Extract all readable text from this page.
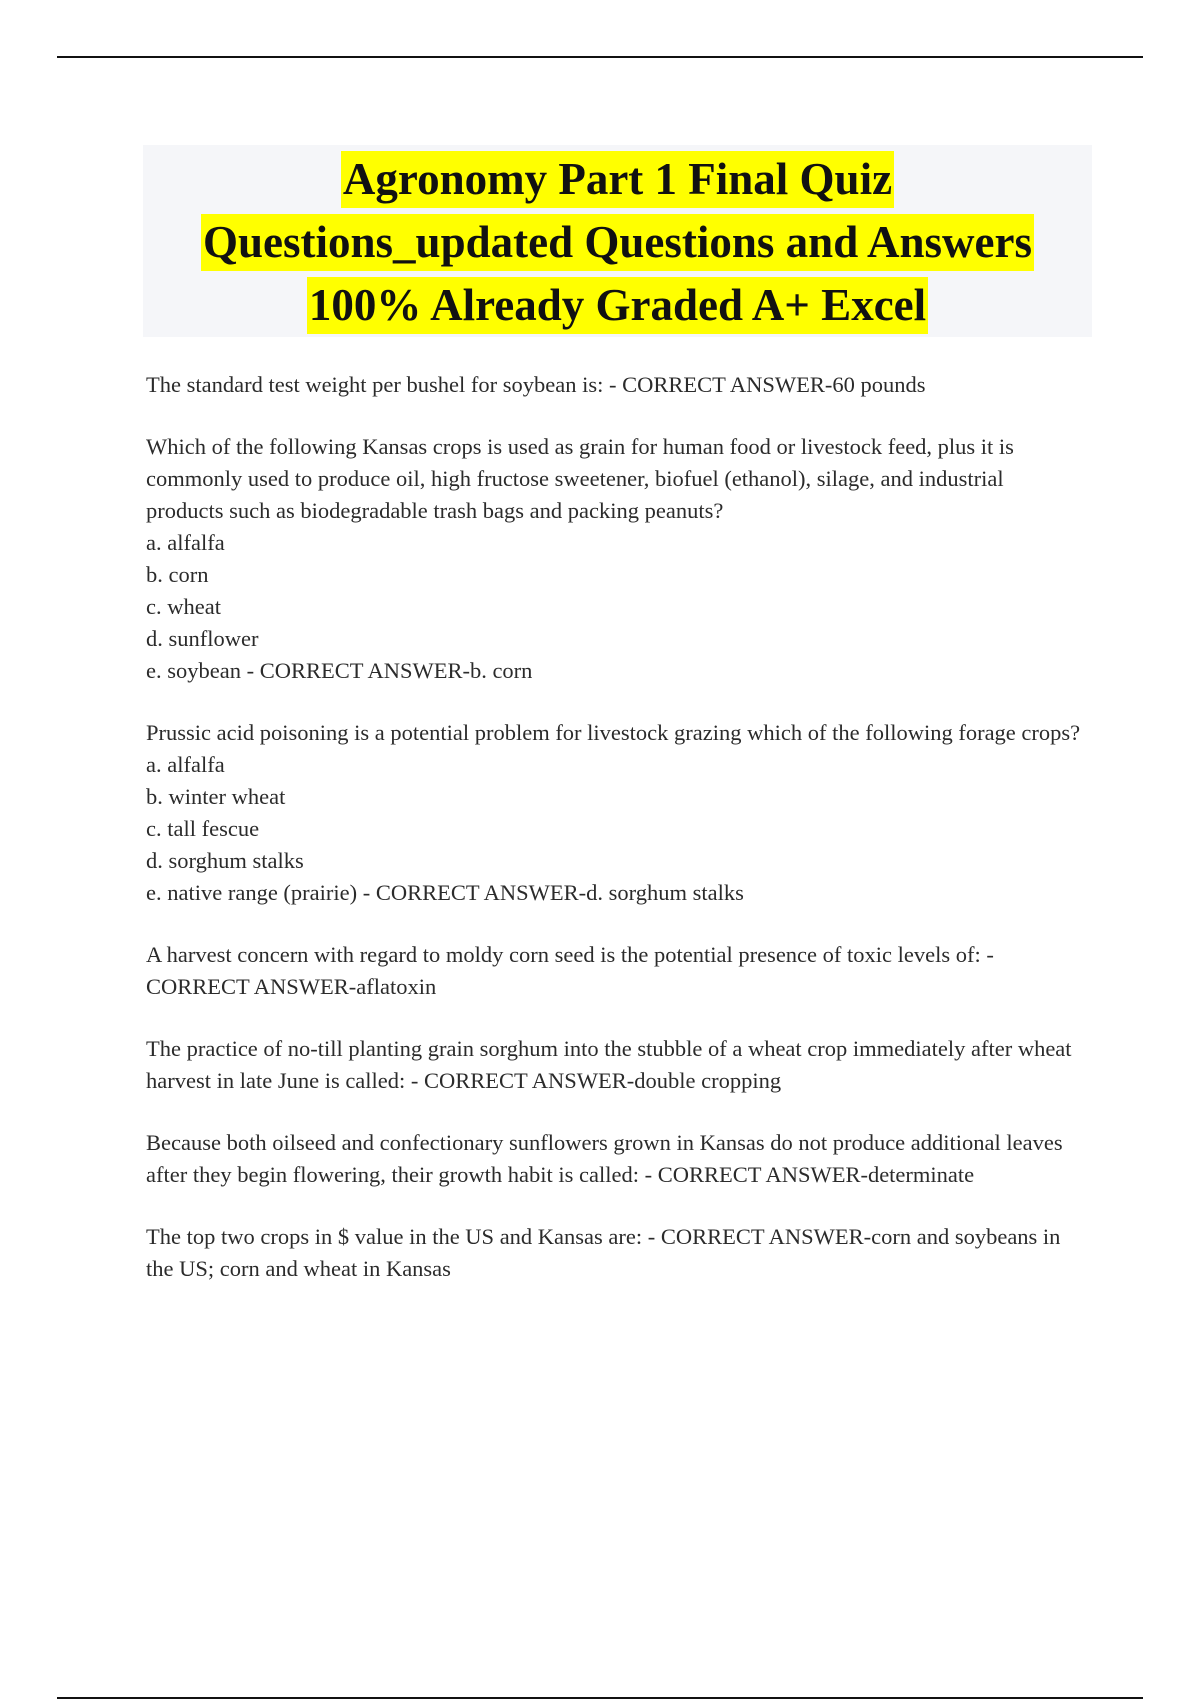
Agronomy Part 1 Final Quiz
Questions_updated Questions and Answers
100% Already Graded A+ Excel

The standard test weight per bushel for soybean is: - CORRECT ANSWER-60 pounds

Which of the following Kansas crops is used as grain for human food or livestock feed, plus it is commonly used to produce oil, high fructose sweetener, biofuel (ethanol), silage, and industrial products such as biodegradable trash bags and packing peanuts?

a. alfalfa
b. corn
c. wheat
d. sunflower
e. soybean - CORRECT ANSWER-b. corn

Prussic acid poisoning is a potential problem for livestock grazing which of the following forage crops?

a. alfalfa
b. winter wheat
c. tall fescue
d. sorghum stalks
e. native range (prairie) - CORRECT ANSWER-d. sorghum stalks

A harvest concern with regard to moldy corn seed is the potential presence of toxic levels of: - CORRECT ANSWER-aflatoxin

The practice of no-till planting grain sorghum into the stubble of a wheat crop immediately after wheat harvest in late June is called: - CORRECT ANSWER-double cropping

Because both oilseed and confectionary sunflowers grown in Kansas do not produce additional leaves after they begin flowering, their growth habit is called: - CORRECT ANSWER-determinate

The top two crops in $ value in the US and Kansas are: - CORRECT ANSWER-corn and soybeans in the US; corn and wheat in Kansas
